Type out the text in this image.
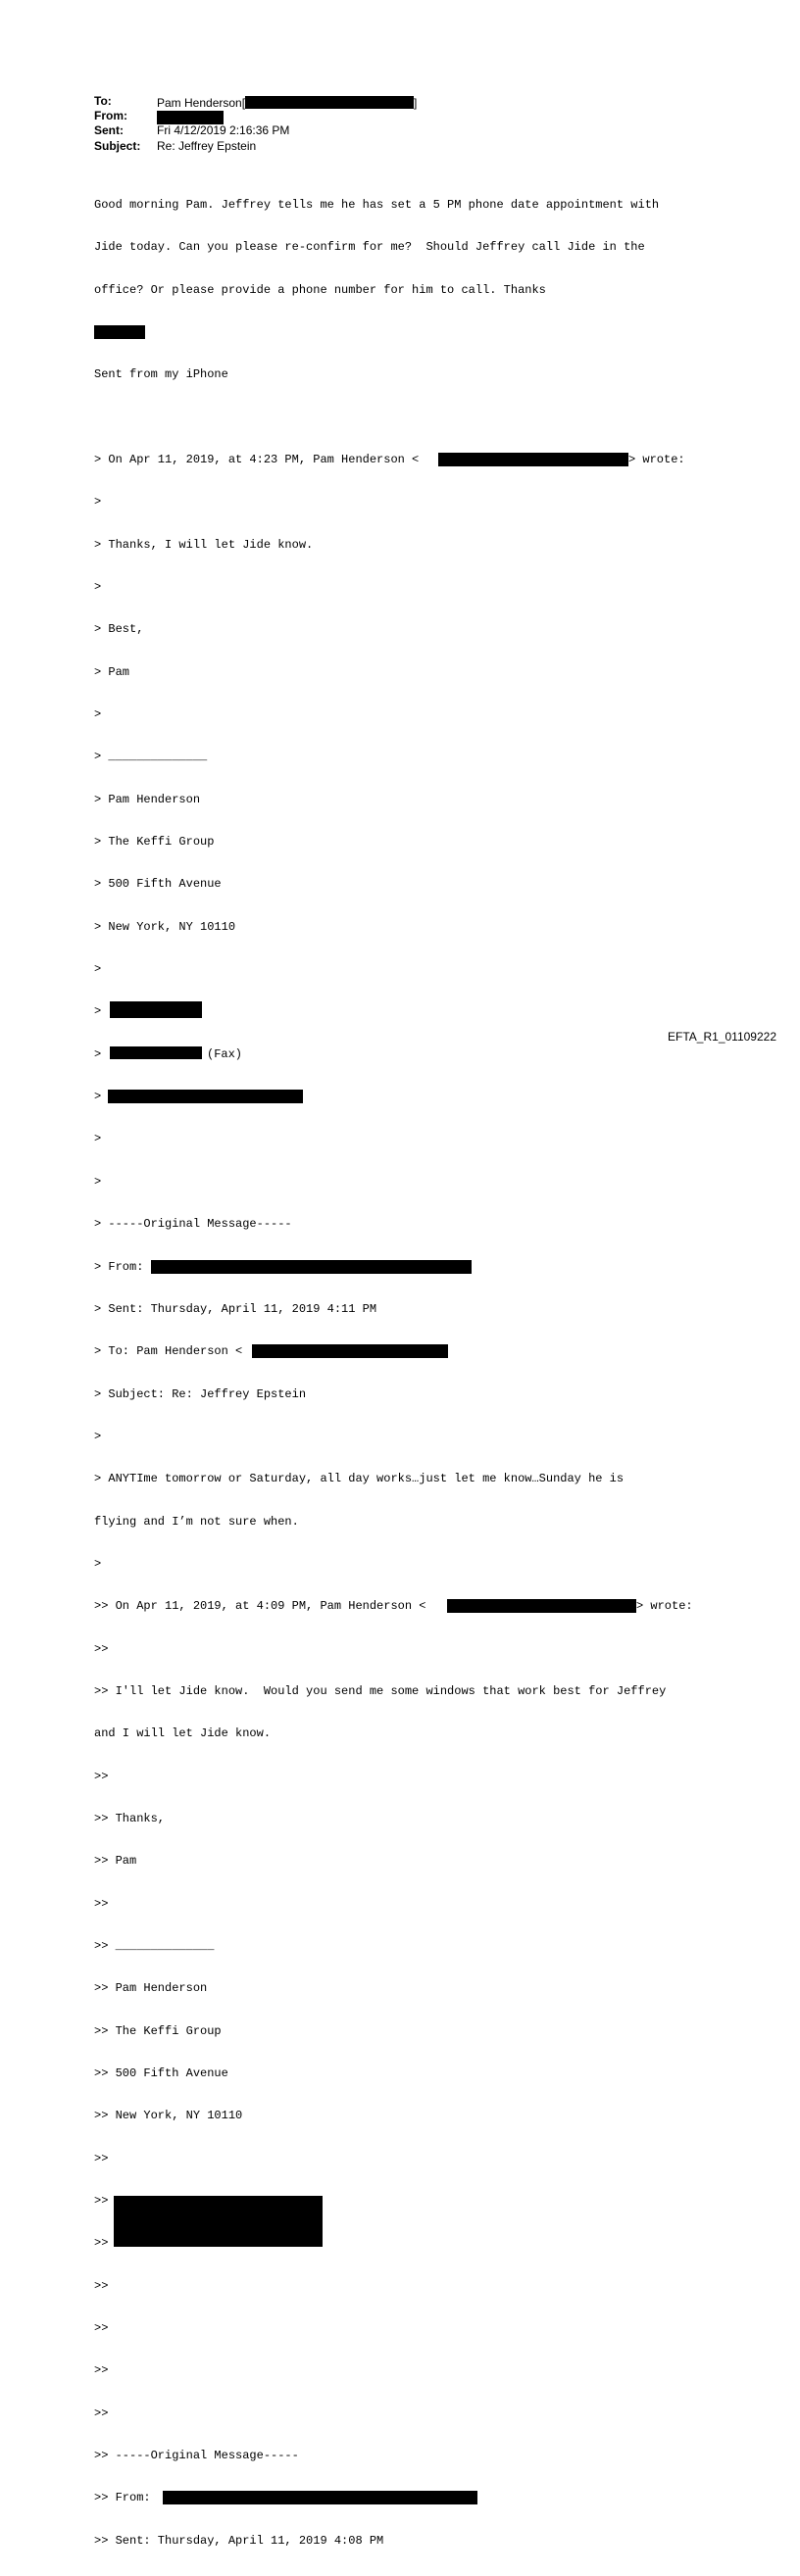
To:	Pam Henderson[	]
From:
Sent:	Fri 4/12/2019 2:16:36 PM
Subject: Re: Jeffrey Epstein

Good morning Pam. Jeffrey tells me he has set a 5 PM phone date appointment with

Jide today. Can you please re-confirm for me?  Should Jeffrey call Jide in the

office? Or please provide a phone number for him to call. Thanks

Sent from my iPhone

> On Apr 11, 2019, at 4:23 PM, Pam Henderson <	> wrote:

>

> Thanks, I will let Jide know.

>

> Best,

> Pam

>

> ______________

> Pam Henderson

> The Keffi Group

> 500 Fifth Avenue

> New York, NY 10110

>

>

>	(Fax)

>

>

>

> -----Original Message-----

> From:

> Sent: Thursday, April 11, 2019 4:11 PM

> To: Pam Henderson <

> Subject: Re: Jeffrey Epstein

>

> ANYTIme tomorrow or Saturday, all day works…just let me know…Sunday he is

flying and I’m not sure when.

>

>> On Apr 11, 2019, at 4:09 PM, Pam Henderson <	> wrote:

>>

>> I'll let Jide know.  Would you send me some windows that work best for Jeffrey

and I will let Jide know.

>>

>> Thanks,

>> Pam

>>

>> ______________

>> Pam Henderson

>> The Keffi Group

>> 500 Fifth Avenue

>> New York, NY 10110

>>

>>

>>

>>

>>

>>

>>

>> -----Original Message-----

>> From:

>> Sent: Thursday, April 11, 2019 4:08 PM

EFTA_R1_01109222
